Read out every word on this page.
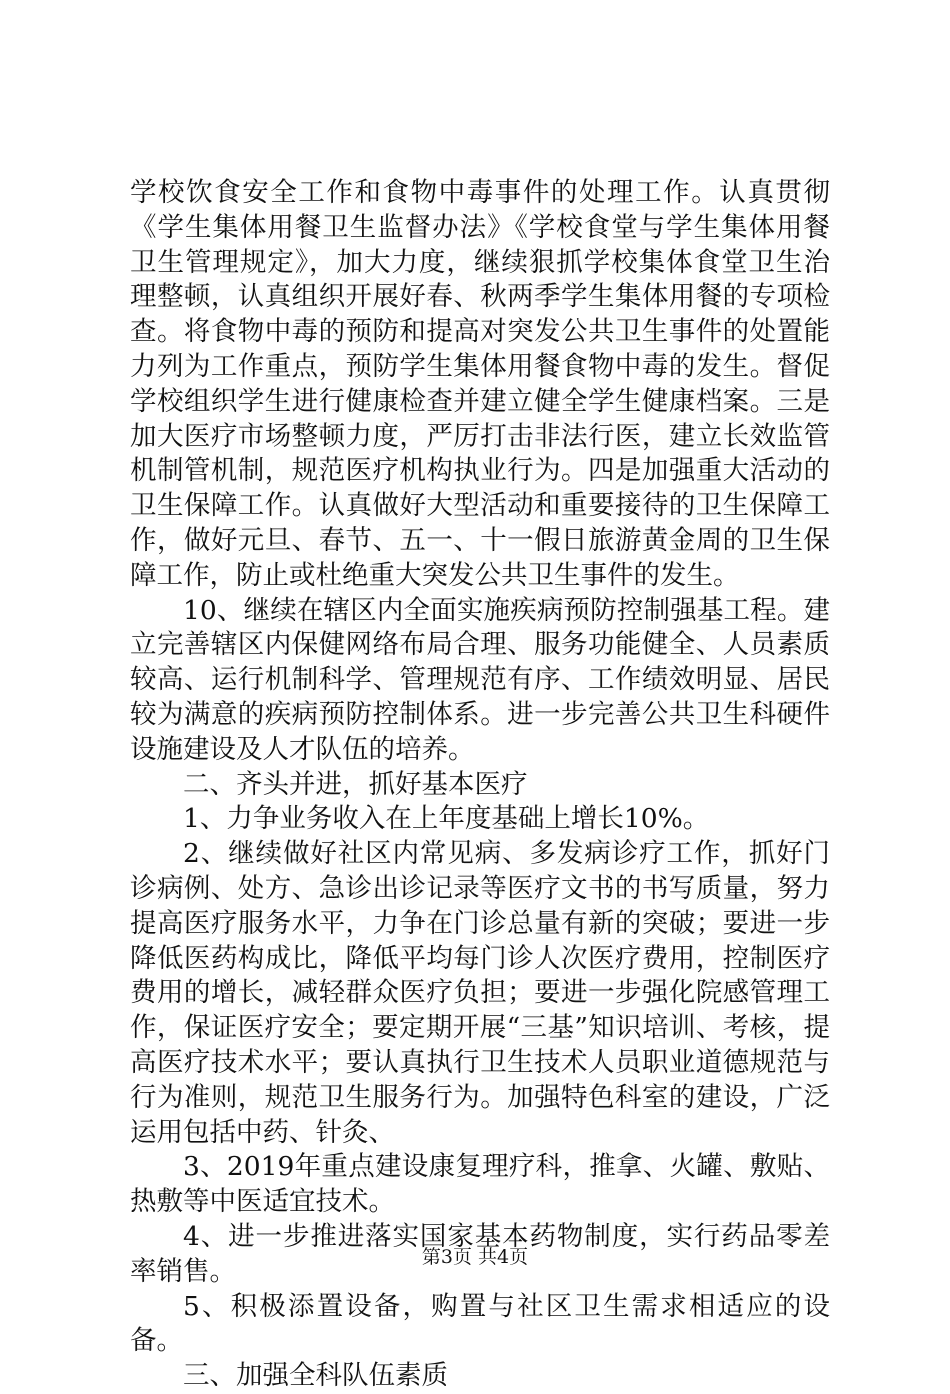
学校饮食安全工作和食物中毒事件的处理工作。认真贯彻《学生集体用餐卫生监督办法》《学校食堂与学生集体用餐卫生管理规定》，加大力度，继续狠抓学校集体食堂卫生治理整顿，认真组织开展好春、秋两季学生集体用餐的专项检查。将食物中毒的预防和提高对突发公共卫生事件的处置能力列为工作重点，预防学生集体用餐食物中毒的发生。督促学校组织学生进行健康检查并建立健全学生健康档案。三是加大医疗市场整顿力度，严厉打击非法行医，建立长效监管机制管机制，规范医疗机构执业行为。四是加强重大活动的卫生保障工作。认真做好大型活动和重要接待的卫生保障工作，做好元旦、春节、五一、十一假日旅游黄金周的卫生保障工作，防止或杜绝重大突发公共卫生事件的发生。

10、继续在辖区内全面实施疾病预防控制强基工程。建立完善辖区内保健网络布局合理、服务功能健全、人员素质较高、运行机制科学、管理规范有序、工作绩效明显、居民较为满意的疾病预防控制体系。进一步完善公共卫生科硬件设施建设及人才队伍的培养。

二、齐头并进，抓好基本医疗

1、力争业务收入在上年度基础上增长10%。

2、继续做好社区内常见病、多发病诊疗工作，抓好门诊病例、处方、急诊出诊记录等医疗文书的书写质量，努力提高医疗服务水平，力争在门诊总量有新的突破；要进一步降低医药构成比，降低平均每门诊人次医疗费用，控制医疗费用的增长，减轻群众医疗负担；要进一步强化院感管理工作，保证医疗安全；要定期开展“三基”知识培训、考核，提高医疗技术水平；要认真执行卫生技术人员职业道德规范与行为准则，规范卫生服务行为。加强特色科室的建设，广泛运用包括中药、针灸、

3、2019年重点建设康复理疗科，推拿、火罐、敷贴、热敷等中医适宜技术。

4、进一步推进落实国家基本药物制度，实行药品零差率销售。

5、积极添置设备，购置与社区卫生需求相适应的设备。

三、加强全科队伍素质

第3页 共4页
